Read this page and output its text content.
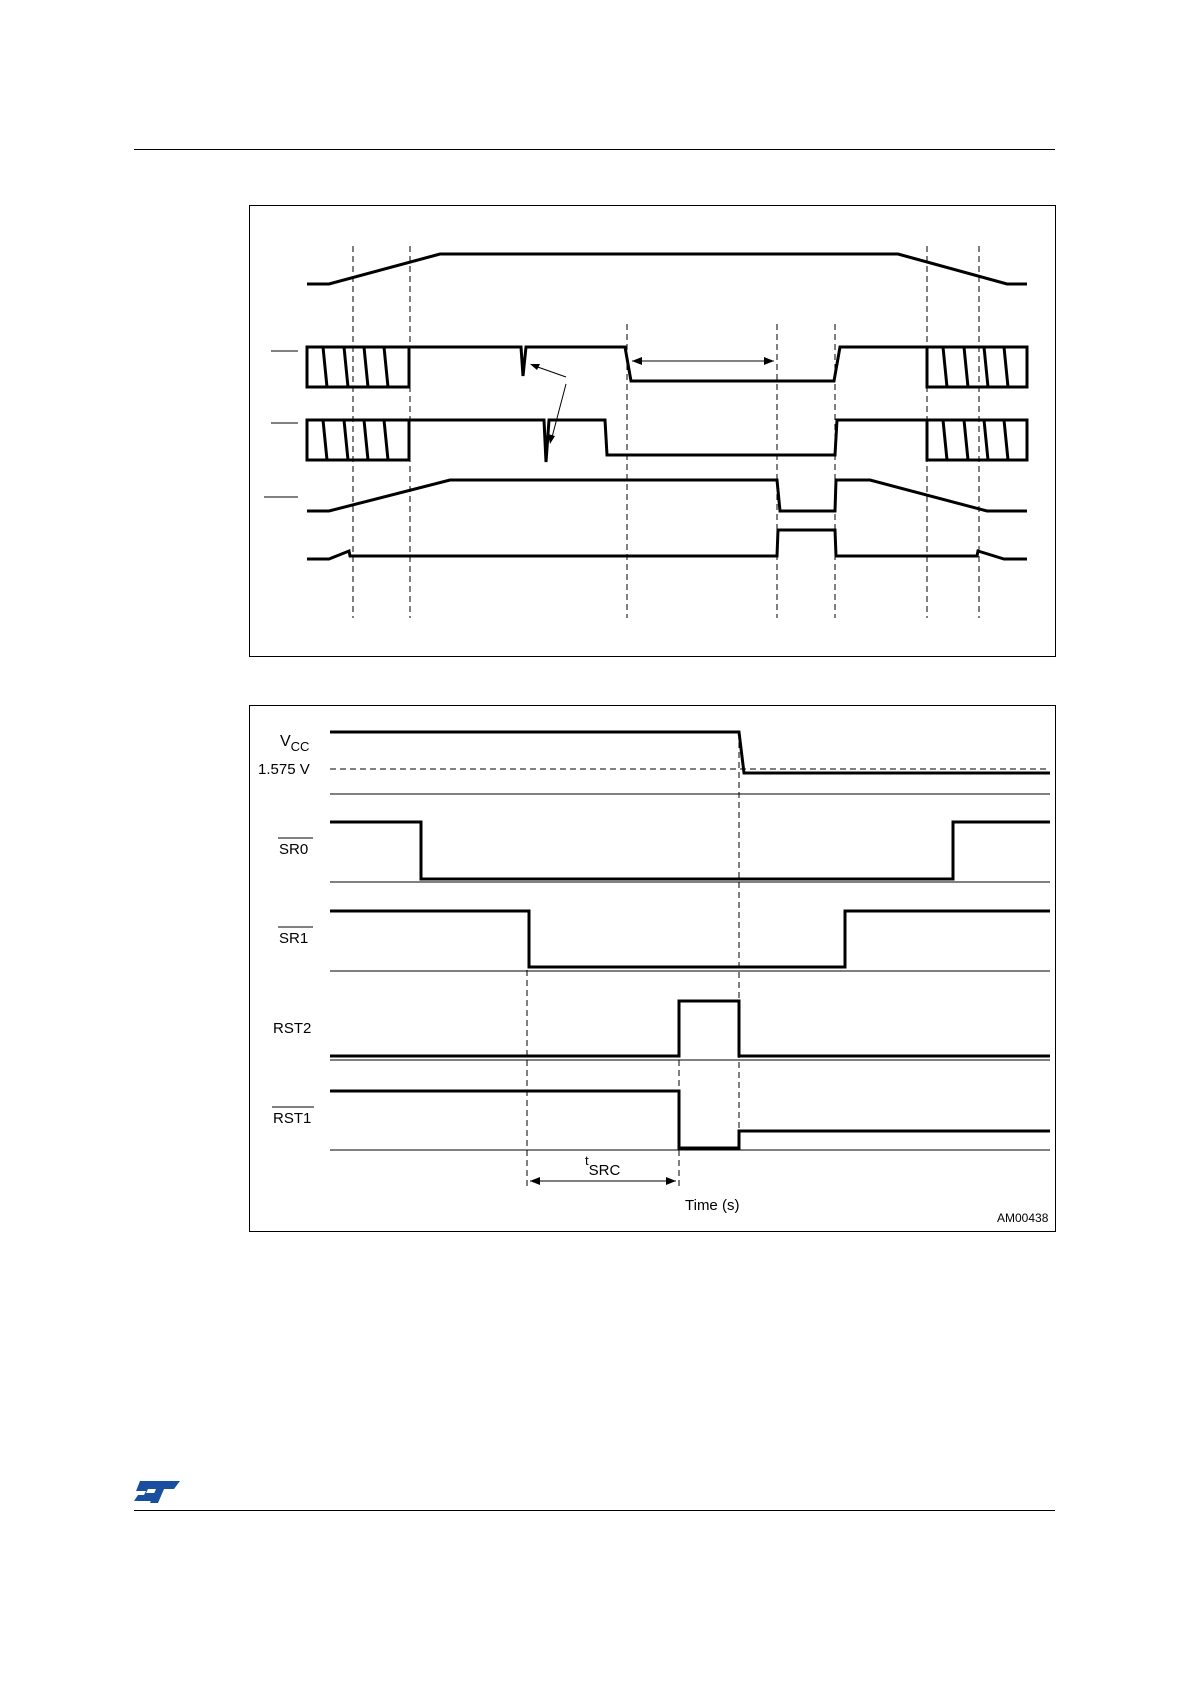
$V_{CC}$
1.575 V
SR0
SR1
RST2
RST1
tSRC
Time (s)
AM00438
